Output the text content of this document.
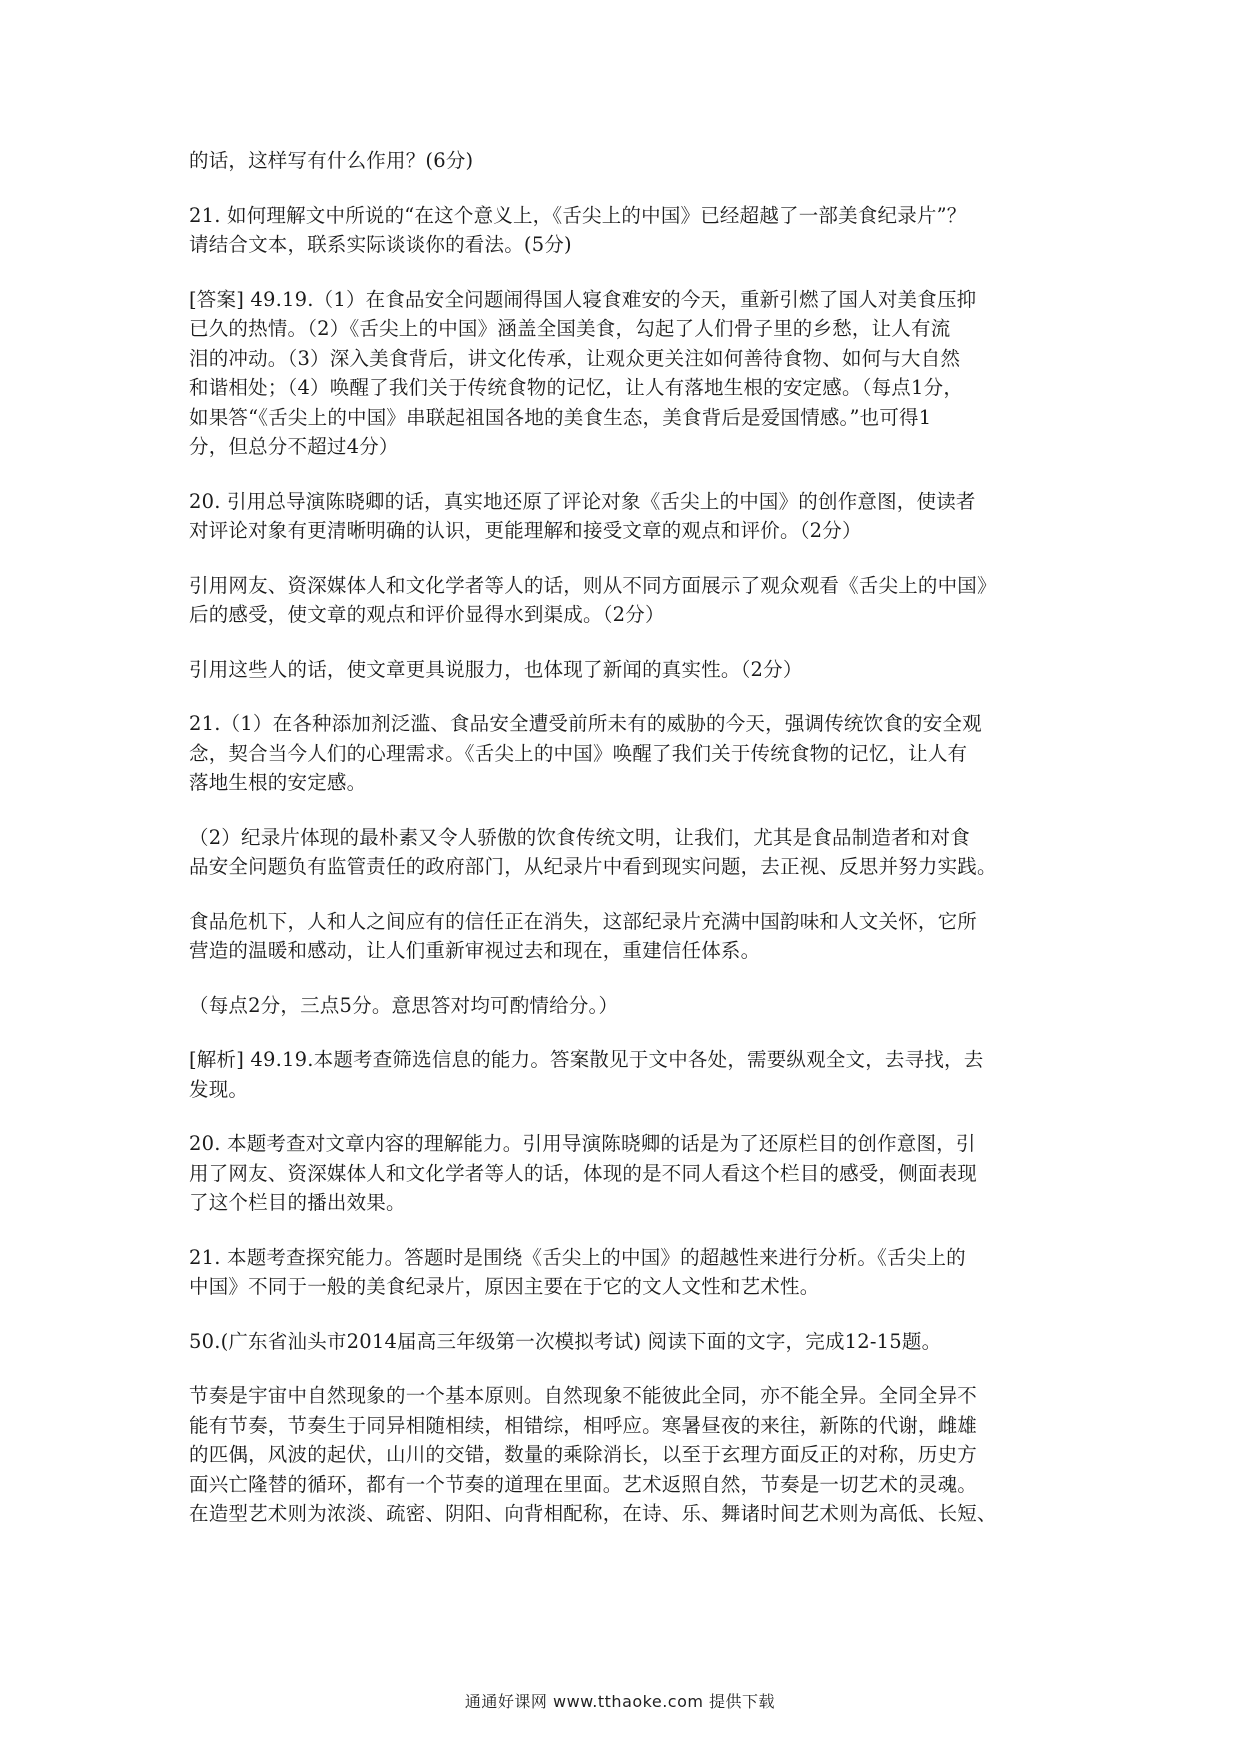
的话，这样写有什么作用？(6分)

21. 如何理解文中所说的“在这个意义上，《舌尖上的中国》已经超越了一部美食纪录片”？
请结合文本，联系实际谈谈你的看法。(5分)

[答案] 49.19.（1）在食品安全问题闹得国人寝食难安的今天，重新引燃了国人对美食压抑
已久的热情。（2）《舌尖上的中国》涵盖全国美食，勾起了人们骨子里的乡愁，让人有流
泪的冲动。（3）深入美食背后，讲文化传承，让观众更关注如何善待食物、如何与大自然
和谐相处；（4）唤醒了我们关于传统食物的记忆，让人有落地生根的安定感。（每点1分，
如果答“《舌尖上的中国》串联起祖国各地的美食生态，美食背后是爱国情感。”也可得1
分，但总分不超过4分）

20. 引用总导演陈晓卿的话，真实地还原了评论对象《舌尖上的中国》的创作意图，使读者
对评论对象有更清晰明确的认识，更能理解和接受文章的观点和评价。（2分）

引用网友、资深媒体人和文化学者等人的话，则从不同方面展示了观众观看《舌尖上的中国》
后的感受，使文章的观点和评价显得水到渠成。（2分）

引用这些人的话，使文章更具说服力，也体现了新闻的真实性。（2分）

21.（1）在各种添加剂泛滥、食品安全遭受前所未有的威胁的今天，强调传统饮食的安全观
念，契合当今人们的心理需求。《舌尖上的中国》唤醒了我们关于传统食物的记忆，让人有
落地生根的安定感。

（2）纪录片体现的最朴素又令人骄傲的饮食传统文明，让我们，尤其是食品制造者和对食
品安全问题负有监管责任的政府部门，从纪录片中看到现实问题，去正视、反思并努力实践。

食品危机下，人和人之间应有的信任正在消失，这部纪录片充满中国韵味和人文关怀，它所
营造的温暖和感动，让人们重新审视过去和现在，重建信任体系。

（每点2分，三点5分。意思答对均可酌情给分。）

[解析] 49.19.本题考查筛选信息的能力。答案散见于文中各处，需要纵观全文，去寻找，去
发现。

20. 本题考查对文章内容的理解能力。引用导演陈晓卿的话是为了还原栏目的创作意图，引
用了网友、资深媒体人和文化学者等人的话，体现的是不同人看这个栏目的感受，侧面表现
了这个栏目的播出效果。

21. 本题考查探究能力。答题时是围绕《舌尖上的中国》的超越性来进行分析。《舌尖上的
中国》不同于一般的美食纪录片，原因主要在于它的文人文性和艺术性。

50.(广东省汕头市2014届高三年级第一次模拟考试) 阅读下面的文字，完成12-15题。

节奏是宇宙中自然现象的一个基本原则。自然现象不能彼此全同，亦不能全异。全同全异不
能有节奏，节奏生于同异相随相续，相错综，相呼应。寒暑昼夜的来往，新陈的代谢，雌雄
的匹偶，风波的起伏，山川的交错，数量的乘除消长，以至于玄理方面反正的对称，历史方
面兴亡隆替的循环，都有一个节奏的道理在里面。艺术返照自然，节奏是一切艺术的灵魂。
在造型艺术则为浓淡、疏密、阴阳、向背相配称，在诗、乐、舞诸时间艺术则为高低、长短、

通通好课网 www.tthaoke.com 提供下载
